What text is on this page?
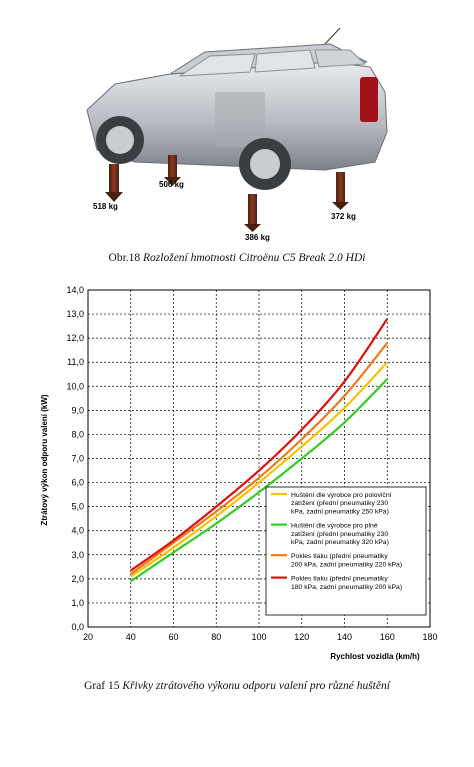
518 kg
506 kg
386 kg
372 kg
Obr.18 Rozložení hmotnosti Citroënu C5 Break 2.0 HDi
0,0
1,0
2,0
3,0
4,0
5,0
6,0
7,0
8,0
9,0
10,0
11,0
12,0
13,0
14,0
20	40	60	80	100	120	140	160	180
Ztrátový výkon odporu valení (kW)
Rychlost vozidla (km/h)
Huštění dle výrobce pro poloviční zatížení (přední pneumatiky 230 kPa, zadní pneumatiky 250 kPa)
Huštění dle výrobce pro plné zatížení (přední pneumatiky 230 kPa, zadní pneumatiky 320 kPa)
Pokles tlaku (přední pneumatiky 200 kPa, zadní pneumatiky 220 kPa)
Pokles tlaku (přední pneumatiky 180 kPa, zadní pneumatiky 200 kPa)
Graf 15 Křivky ztrátového výkonu odporu valení pro různé huštění
